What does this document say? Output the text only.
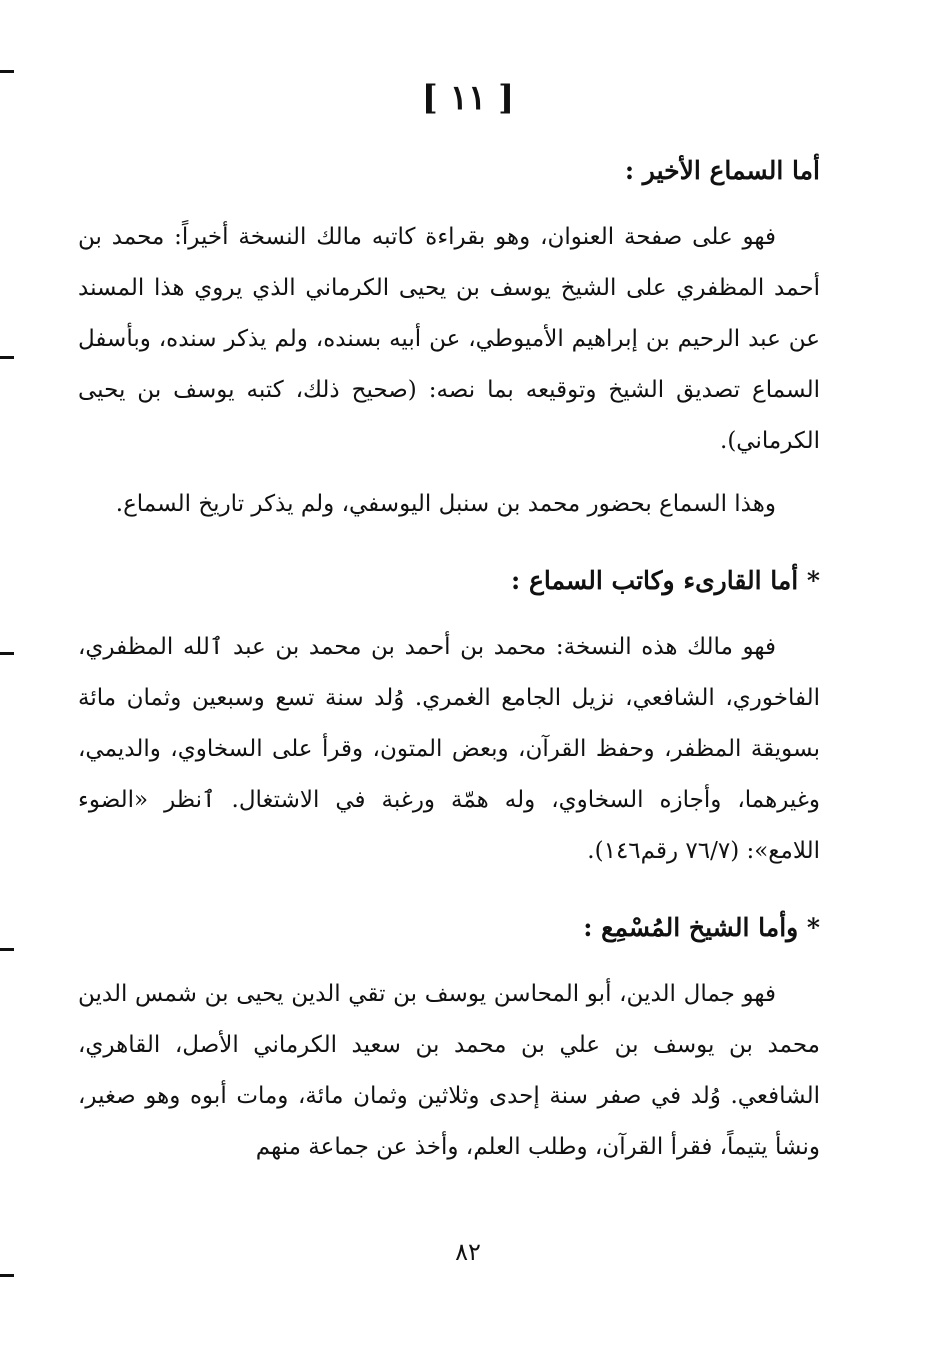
[ ١١ ]
أما السماع الأخير :

فهو على صفحة العنوان، وهو بقراءة كاتبه مالك النسخة أخيراً: محمد بن أحمد المظفري على الشيخ يوسف بن يحيى الكرماني الذي يروي هذا المسند عن عبد الرحيم بن إبراهيم الأميوطي، عن أبيه بسنده، ولم يذكر سنده، وبأسفل السماع تصديق الشيخ وتوقيعه بما نصه: (صحيح ذلك، كتبه يوسف بن يحيى الكرماني).

وهذا السماع بحضور محمد بن سنبل اليوسفي، ولم يذكر تاريخ السماع.

* أما القارىء وكاتب السماع :

فهو مالك هذه النسخة: محمد بن أحمد بن محمد بن عبد ٱلله المظفري، الفاخوري، الشافعي، نزيل الجامع الغمري. وُلد سنة تسع وسبعين وثمان مائة بسويقة المظفر، وحفظ القرآن، وبعض المتون، وقرأ على السخاوي، والديمي، وغيرهما، وأجازه السخاوي، وله همّة ورغبة في الاشتغال. ٱنظر «الضوء اللامع»: (٧٦/٧ رقم١٤٦).

* وأما الشيخ المُسْمِع :

فهو جمال الدين، أبو المحاسن يوسف بن تقي الدين يحيى بن شمس الدين محمد بن يوسف بن علي بن محمد بن سعيد الكرماني الأصل، القاهري، الشافعي. وُلد في صفر سنة إحدى وثلاثين وثمان مائة، ومات أبوه وهو صغير، ونشأ يتيماً، فقرأ القرآن، وطلب العلم، وأخذ عن جماعة منهم

٨٢
